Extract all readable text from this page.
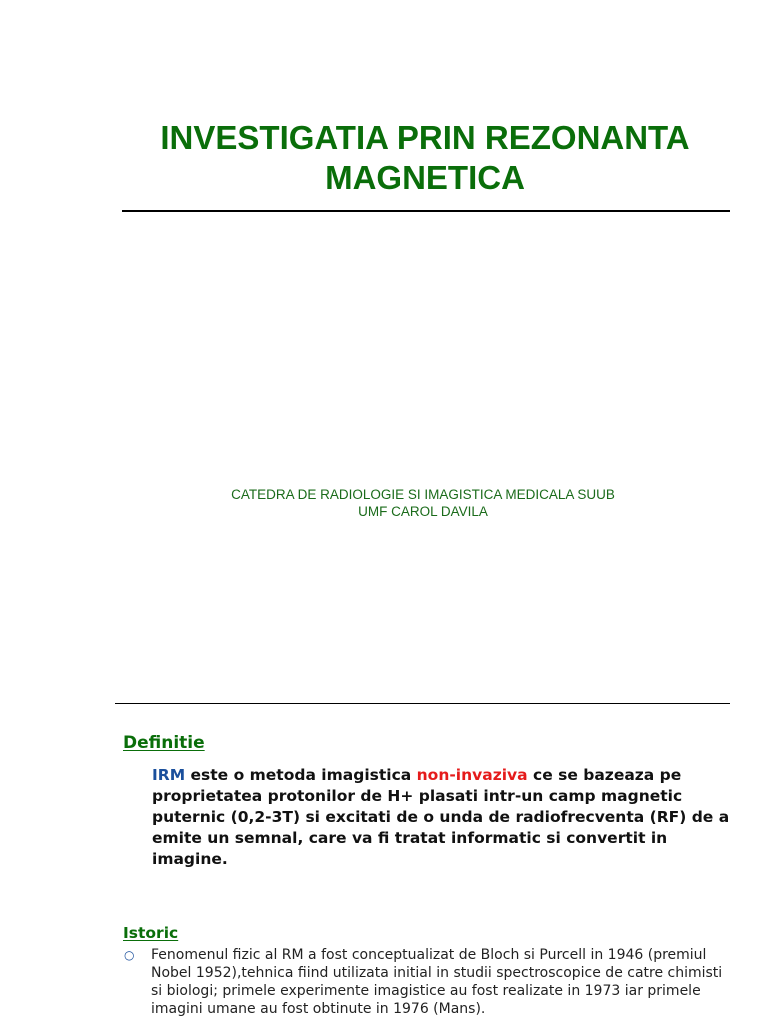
INVESTIGATIA PRIN REZONANTA
MAGNETICA
CATEDRA DE RADIOLOGIE SI IMAGISTICA MEDICALA SUUB
UMF CAROL DAVILA
Definitie
IRM este o metoda imagistica non-invaziva ce se bazeaza pe proprietatea protonilor de H+ plasati intr-un camp magnetic puternic (0,2-3T) si excitati de o unda de radiofrecventa (RF) de a emite un semnal, care va fi tratat informatic si convertit in imagine.
Istoric
○ Fenomenul fizic al RM a fost conceptualizat de Bloch si Purcell in 1946 (premiul Nobel 1952),tehnica fiind utilizata initial in studii spectroscopice de catre chimisti si biologi; primele experimente imagistice au fost realizate in 1973 iar primele imagini umane au fost obtinute in 1976 (Mans).
